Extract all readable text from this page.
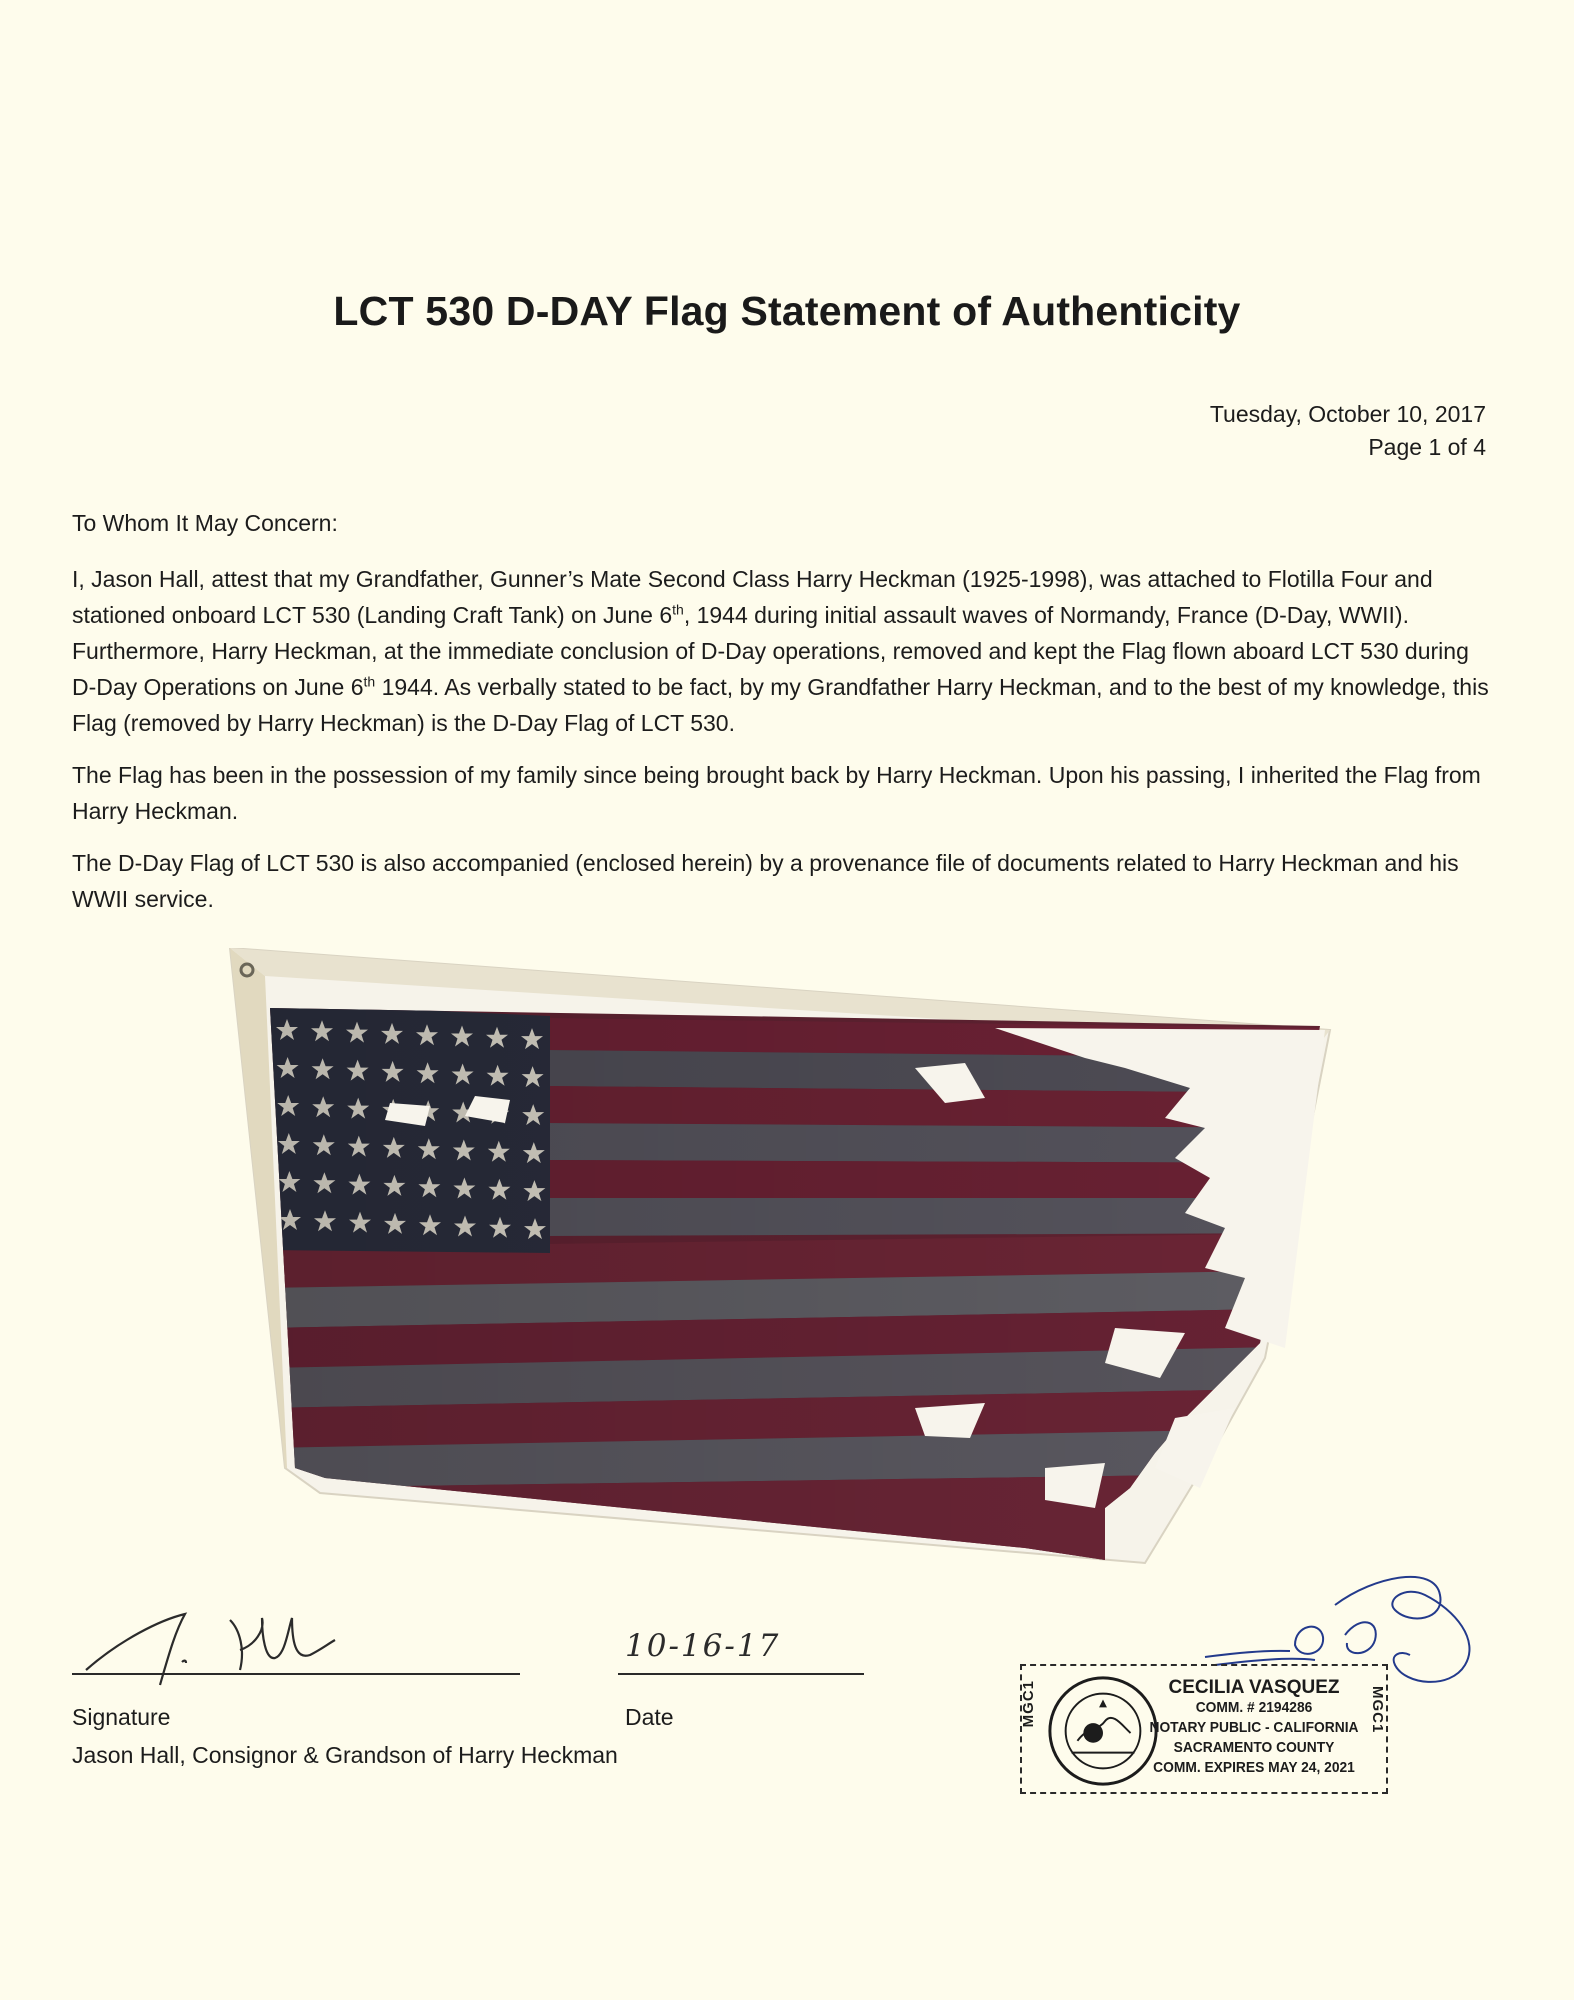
LCT 530 D-DAY Flag Statement of Authenticity
Tuesday, October 10, 2017
Page 1 of 4

To Whom It May Concern:

I, Jason Hall, attest that my Grandfather, Gunner’s Mate Second Class Harry Heckman (1925-1998), was attached to Flotilla Four and stationed onboard LCT 530 (Landing Craft Tank) on June 6th, 1944 during initial assault waves of Normandy, France (D-Day, WWII). Furthermore, Harry Heckman, at the immediate conclusion of D-Day operations, removed and kept the Flag flown aboard LCT 530 during D-Day Operations on June 6th 1944. As verbally stated to be fact, by my Grandfather Harry Heckman, and to the best of my knowledge, this Flag (removed by Harry Heckman) is the D-Day Flag of LCT 530.

The Flag has been in the possession of my family since being brought back by Harry Heckman. Upon his passing, I inherited the Flag from Harry Heckman.

The D-Day Flag of LCT 530 is also accompanied (enclosed herein) by a provenance file of documents related to Harry Heckman and his WWII service.

10-16-17
Signature	Date
Jason Hall, Consignor & Grandson of Harry Heckman
MGC1	CECILIA VASQUEZ
COMM. # 2194286
NOTARY PUBLIC - CALIFORNIA
SACRAMENTO COUNTY
COMM. EXPIRES MAY 24, 2021
MGC1
